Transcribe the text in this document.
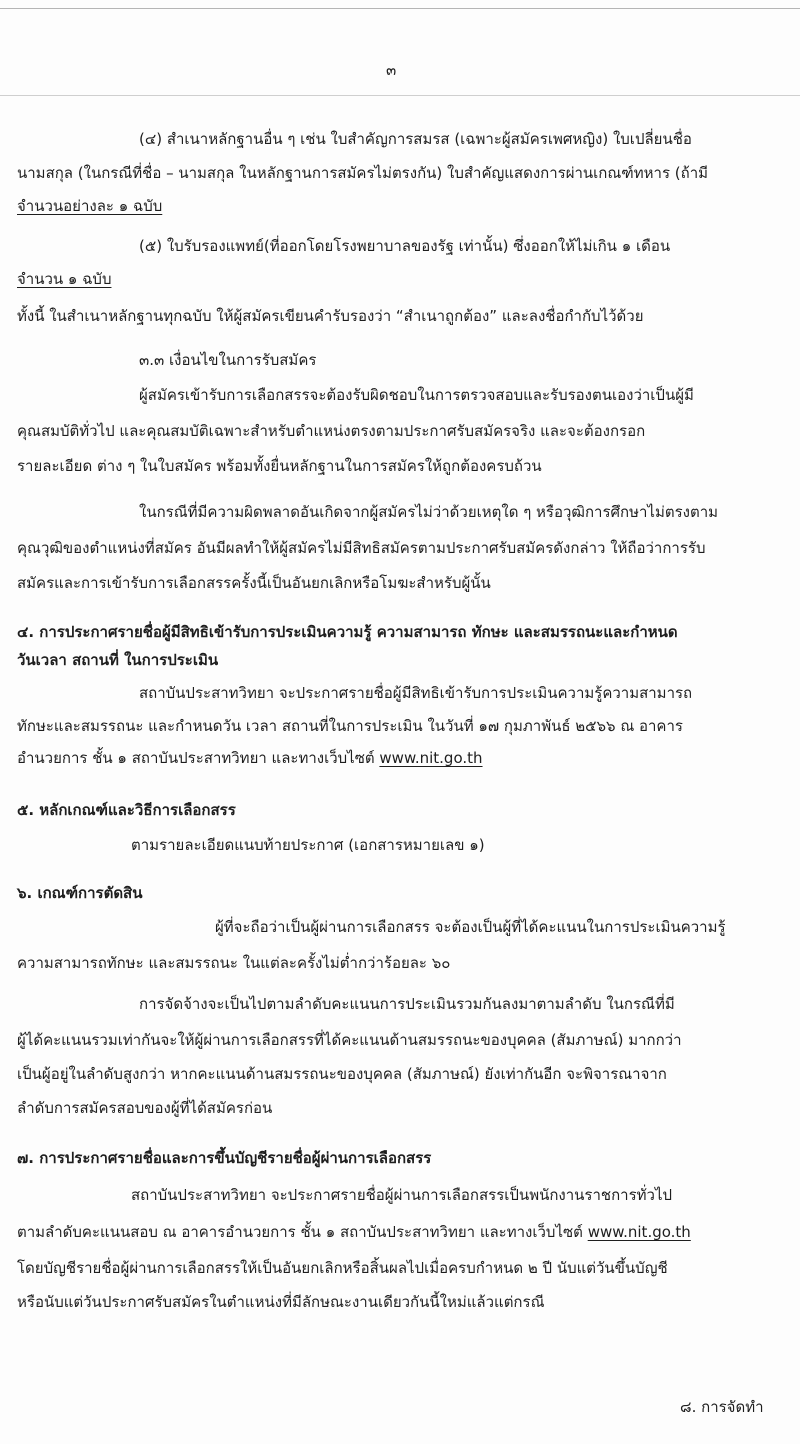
๓
(๔) สำเนาหลักฐานอื่น ๆ เช่น ใบสำคัญการสมรส (เฉพาะผู้สมัครเพศหญิง) ใบเปลี่ยนชื่อ
นามสกุล (ในกรณีที่ชื่อ – นามสกุล ในหลักฐานการสมัครไม่ตรงกัน) ใบสำคัญแสดงการผ่านเกณฑ์ทหาร (ถ้ามี
จำนวนอย่างละ ๑ ฉบับ
(๕) ใบรับรองแพทย์(ที่ออกโดยโรงพยาบาลของรัฐ เท่านั้น) ซึ่งออกให้ไม่เกิน ๑ เดือน
จำนวน ๑ ฉบับ
ทั้งนี้ ในสำเนาหลักฐานทุกฉบับ ให้ผู้สมัครเขียนคำรับรองว่า “สำเนาถูกต้อง” และลงชื่อกำกับไว้ด้วย
๓.๓ เงื่อนไขในการรับสมัคร
ผู้สมัครเข้ารับการเลือกสรรจะต้องรับผิดชอบในการตรวจสอบและรับรองตนเองว่าเป็นผู้มี
คุณสมบัติทั่วไป และคุณสมบัติเฉพาะสำหรับตำแหน่งตรงตามประกาศรับสมัครจริง และจะต้องกรอก
รายละเอียด ต่าง ๆ ในใบสมัคร พร้อมทั้งยื่นหลักฐานในการสมัครให้ถูกต้องครบถ้วน
ในกรณีที่มีความผิดพลาดอันเกิดจากผู้สมัครไม่ว่าด้วยเหตุใด ๆ หรือวุฒิการศึกษาไม่ตรงตาม
คุณวุฒิของตำแหน่งที่สมัคร อันมีผลทำให้ผู้สมัครไม่มีสิทธิสมัครตามประกาศรับสมัครดังกล่าว ให้ถือว่าการรับ
สมัครและการเข้ารับการเลือกสรรครั้งนี้เป็นอันยกเลิกหรือโมฆะสำหรับผู้นั้น
๔. การประกาศรายชื่อผู้มีสิทธิเข้ารับการประเมินความรู้ ความสามารถ ทักษะ และสมรรถนะและกำหนด
วันเวลา สถานที่ ในการประเมิน
สถาบันประสาทวิทยา จะประกาศรายชื่อผู้มีสิทธิเข้ารับการประเมินความรู้ความสามารถ
ทักษะและสมรรถนะ และกำหนดวัน เวลา สถานที่ในการประเมิน ในวันที่ ๑๗ กุมภาพันธ์ ๒๕๖๖ ณ อาคาร
อำนวยการ ชั้น ๑ สถาบันประสาทวิทยา และทางเว็บไซต์ www.nit.go.th
๕. หลักเกณฑ์และวิธีการเลือกสรร
ตามรายละเอียดแนบท้ายประกาศ (เอกสารหมายเลข ๑)
๖. เกณฑ์การตัดสิน
ผู้ที่จะถือว่าเป็นผู้ผ่านการเลือกสรร จะต้องเป็นผู้ที่ได้คะแนนในการประเมินความรู้
ความสามารถทักษะ และสมรรถนะ ในแต่ละครั้งไม่ต่ำกว่าร้อยละ ๖๐
การจัดจ้างจะเป็นไปตามลำดับคะแนนการประเมินรวมกันลงมาตามลำดับ ในกรณีที่มี
ผู้ได้คะแนนรวมเท่ากันจะให้ผู้ผ่านการเลือกสรรที่ได้คะแนนด้านสมรรถนะของบุคคล (สัมภาษณ์) มากกว่า
เป็นผู้อยู่ในลำดับสูงกว่า หากคะแนนด้านสมรรถนะของบุคคล (สัมภาษณ์) ยังเท่ากันอีก จะพิจารณาจาก
ลำดับการสมัครสอบของผู้ที่ได้สมัครก่อน
๗. การประกาศรายชื่อและการขึ้นบัญชีรายชื่อผู้ผ่านการเลือกสรร
สถาบันประสาทวิทยา จะประกาศรายชื่อผู้ผ่านการเลือกสรรเป็นพนักงานราชการทั่วไป
ตามลำดับคะแนนสอบ ณ อาคารอำนวยการ ชั้น ๑ สถาบันประสาทวิทยา และทางเว็บไซต์ www.nit.go.th
โดยบัญชีรายชื่อผู้ผ่านการเลือกสรรให้เป็นอันยกเลิกหรือสิ้นผลไปเมื่อครบกำหนด ๒ ปี นับแต่วันขึ้นบัญชี
หรือนับแต่วันประกาศรับสมัครในตำแหน่งที่มีลักษณะงานเดียวกันนี้ใหม่แล้วแต่กรณี
๘. การจัดทำ
